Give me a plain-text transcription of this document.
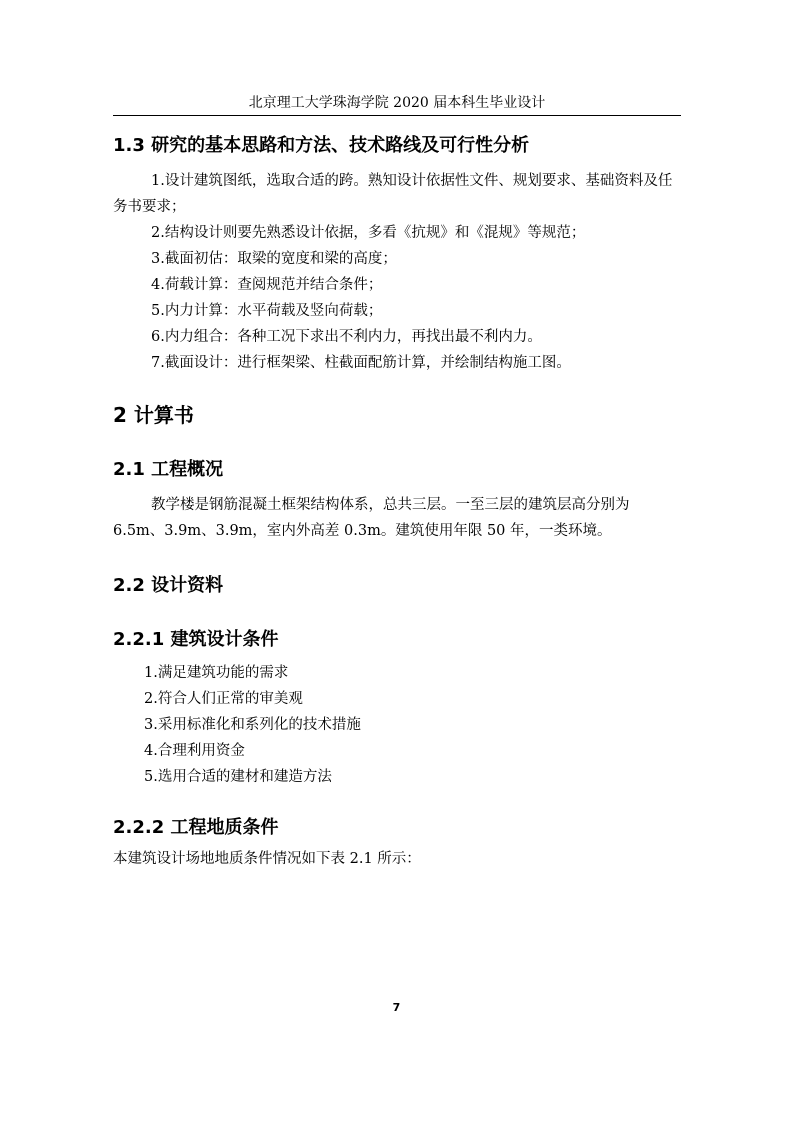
北京理工大学珠海学院 2020 届本科生毕业设计
1.3 研究的基本思路和方法、技术路线及可行性分析

1.设计建筑图纸，选取合适的跨。熟知设计依据性文件、规划要求、基础资料及任务书要求；

2.结构设计则要先熟悉设计依据，多看《抗规》和《混规》等规范；

3.截面初估：取梁的宽度和梁的高度；

4.荷载计算：查阅规范并结合条件；

5.内力计算：水平荷载及竖向荷载；

6.内力组合：各种工况下求出不利内力，再找出最不利内力。

7.截面设计：进行框架梁、柱截面配筋计算，并绘制结构施工图。

2 计算书
2.1 工程概况

教学楼是钢筋混凝土框架结构体系，总共三层。一至三层的建筑层高分别为 6.5m、3.9m、3.9m，室内外高差 0.3m。建筑使用年限 50 年，一类环境。

2.2 设计资料
2.2.1 建筑设计条件

1.满足建筑功能的需求

2.符合人们正常的审美观

3.采用标准化和系列化的技术措施

4.合理利用资金

5.选用合适的建材和建造方法

2.2.2 工程地质条件

本建筑设计场地地质条件情况如下表 2.1 所示：

7
